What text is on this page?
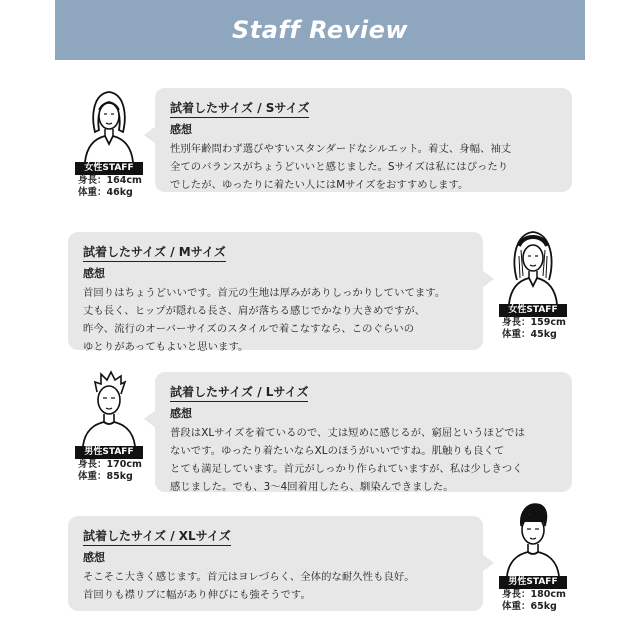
Staff Review
女性STAFF
身長：164cm
体重：46kg
試着したサイズ / Sサイズ
感想
性別年齢問わず選びやすいスタンダードなシルエット。着丈、身幅、袖丈
全てのバランスがちょうどいいと感じました。Sサイズは私にはぴったり
でしたが、ゆったりに着たい人にはMサイズをおすすめします。
試着したサイズ / Mサイズ
感想
首回りはちょうどいいです。首元の生地は厚みがありしっかりしていてます。
丈も長く、ヒップが隠れる長さ、肩が落ちる感じでかなり大きめですが、
昨今、流行のオーバーサイズのスタイルで着こなすなら、このぐらいの
ゆとりがあってもよいと思います。
女性STAFF
身長：159cm
体重：45kg
男性STAFF
身長：170cm
体重：85kg
試着したサイズ / Lサイズ
感想
普段はXLサイズを着ているので、丈は短めに感じるが、窮屈というほどでは
ないです。ゆったり着たいならXLのほうがいいですね。肌触りも良くて
とても満足しています。首元がしっかり作られていますが、私は少しきつく
感じました。でも、3〜4回着用したら、馴染んできました。
試着したサイズ / XLサイズ
感想
そこそこ大きく感じます。首元はヨレづらく、全体的な耐久性も良好。
首回りも襟リブに幅があり伸びにも強そうです。
男性STAFF
身長：180cm
体重：65kg
